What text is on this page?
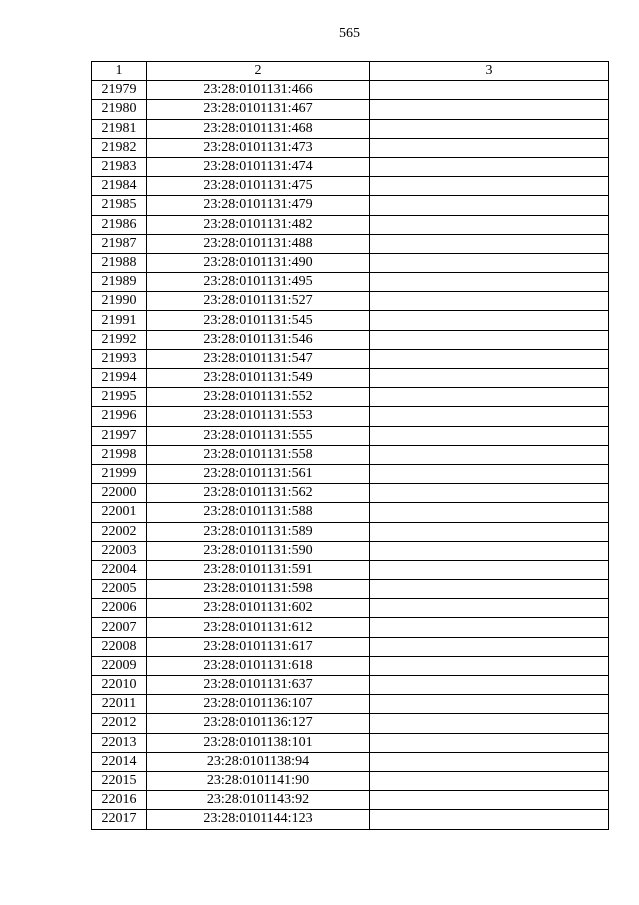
565
1	2	3
21979	23:28:0101131:466	
21980	23:28:0101131:467	
21981	23:28:0101131:468	
21982	23:28:0101131:473	
21983	23:28:0101131:474	
21984	23:28:0101131:475	
21985	23:28:0101131:479	
21986	23:28:0101131:482	
21987	23:28:0101131:488	
21988	23:28:0101131:490	
21989	23:28:0101131:495	
21990	23:28:0101131:527	
21991	23:28:0101131:545	
21992	23:28:0101131:546	
21993	23:28:0101131:547	
21994	23:28:0101131:549	
21995	23:28:0101131:552	
21996	23:28:0101131:553	
21997	23:28:0101131:555	
21998	23:28:0101131:558	
21999	23:28:0101131:561	
22000	23:28:0101131:562	
22001	23:28:0101131:588	
22002	23:28:0101131:589	
22003	23:28:0101131:590	
22004	23:28:0101131:591	
22005	23:28:0101131:598	
22006	23:28:0101131:602	
22007	23:28:0101131:612	
22008	23:28:0101131:617	
22009	23:28:0101131:618	
22010	23:28:0101131:637	
22011	23:28:0101136:107	
22012	23:28:0101136:127	
22013	23:28:0101138:101	
22014	23:28:0101138:94	
22015	23:28:0101141:90	
22016	23:28:0101143:92	
22017	23:28:0101144:123	
